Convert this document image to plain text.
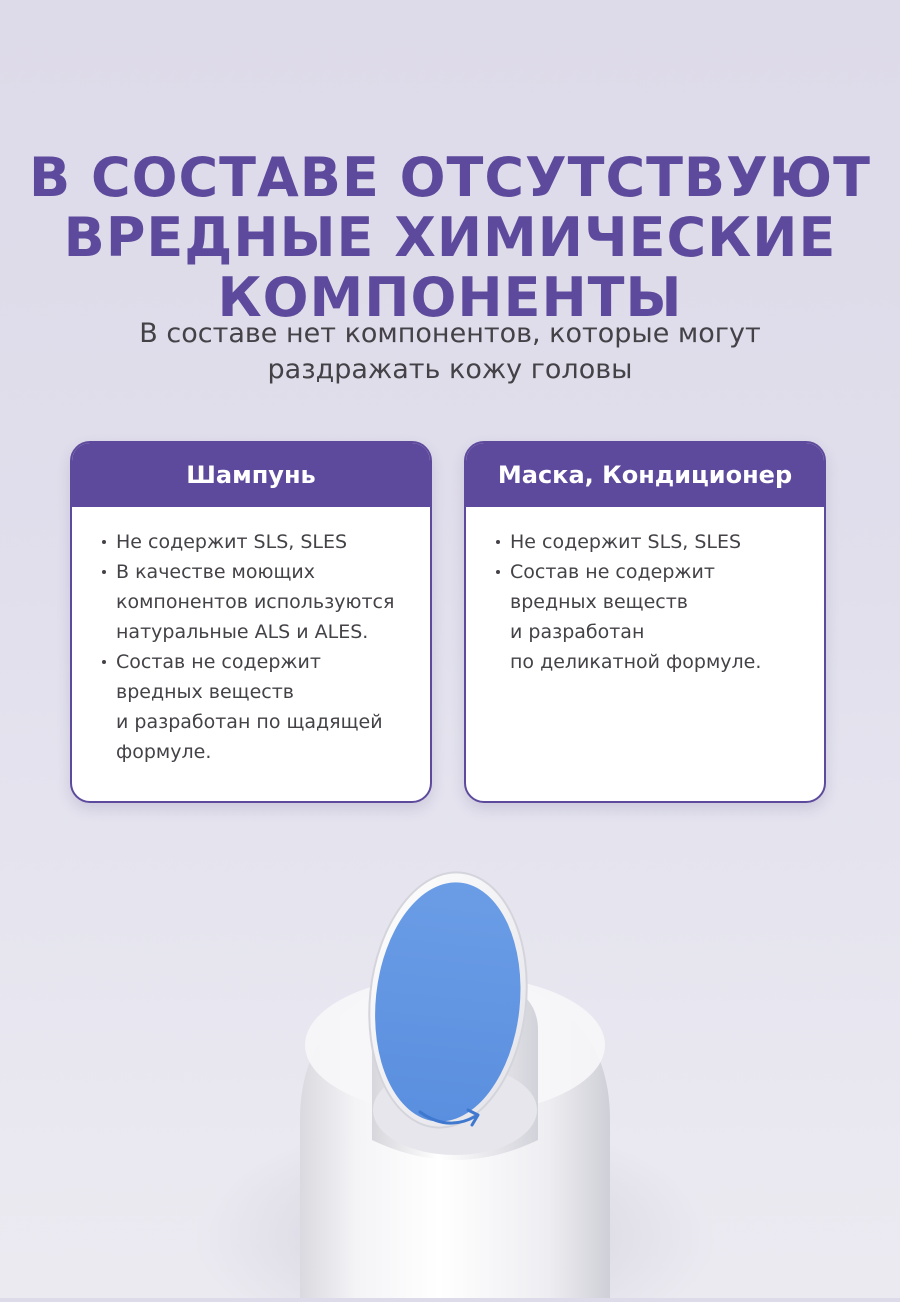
В СОСТАВЕ ОТСУТСТВУЮТ
ВРЕДНЫЕ ХИМИЧЕСКИЕ
КОМПОНЕНТЫ

В составе нет компонентов, которые могут
раздражать кожу головы

Шампунь
Не содержит SLS, SLES
В качестве моющих
компонентов используются
натуральные ALS и ALES.
Состав не содержит
вредных веществ
и разработан по щадящей
формуле.
Маска, Кондиционер
Не содержит SLS, SLES
Состав не содержит
вредных веществ
и разработан
по деликатной формуле.
